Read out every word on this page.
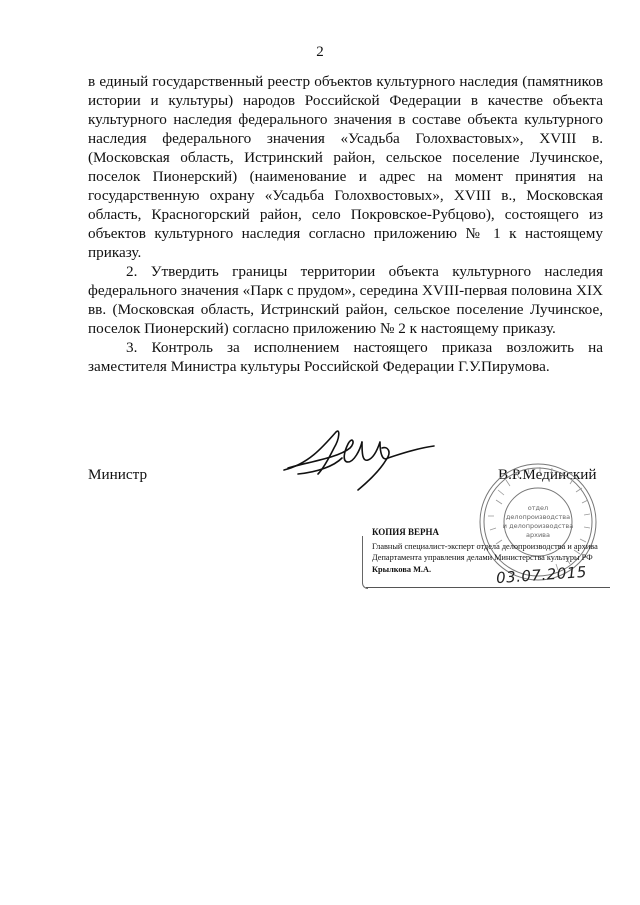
2

в единый государственный реестр объектов культурного наследия (памятников истории и культуры) народов Российской Федерации в качестве объекта культурного наследия федерального значения в составе объекта культурного наследия федерального значения «Усадьба Голохвастовых», XVIII в. (Московская область, Истринский район, сельское поселение Лучинское, поселок Пионерский) (наименование и адрес на момент принятия на государственную охрану «Усадьба Голохвостовых», XVIII в., Московская область, Красногорский район, село Покровское-Рубцово), состоящего из объектов культурного наследия согласно приложению № 1 к настоящему приказу.

2. Утвердить границы территории объекта культурного наследия федерального значения «Парк с прудом», середина XVIII-первая половина XIX вв. (Московская область, Истринский район, сельское поселение Лучинское, поселок Пионерский) согласно приложению № 2 к настоящему приказу.

3. Контроль за исполнением настоящего приказа возложить на заместителя Министра культуры Российской Федерации Г.У.Пирумова.

Министр	В.Р.Мединский
отдел
делопроизводства
и делопроизводства
архива
КОПИЯ ВЕРНА
Главный специалист-эксперт отдела делопроизводства и архива
Департамента управления делами Министерства культуры РФ
Крылкова М.А.	03.07.2015
